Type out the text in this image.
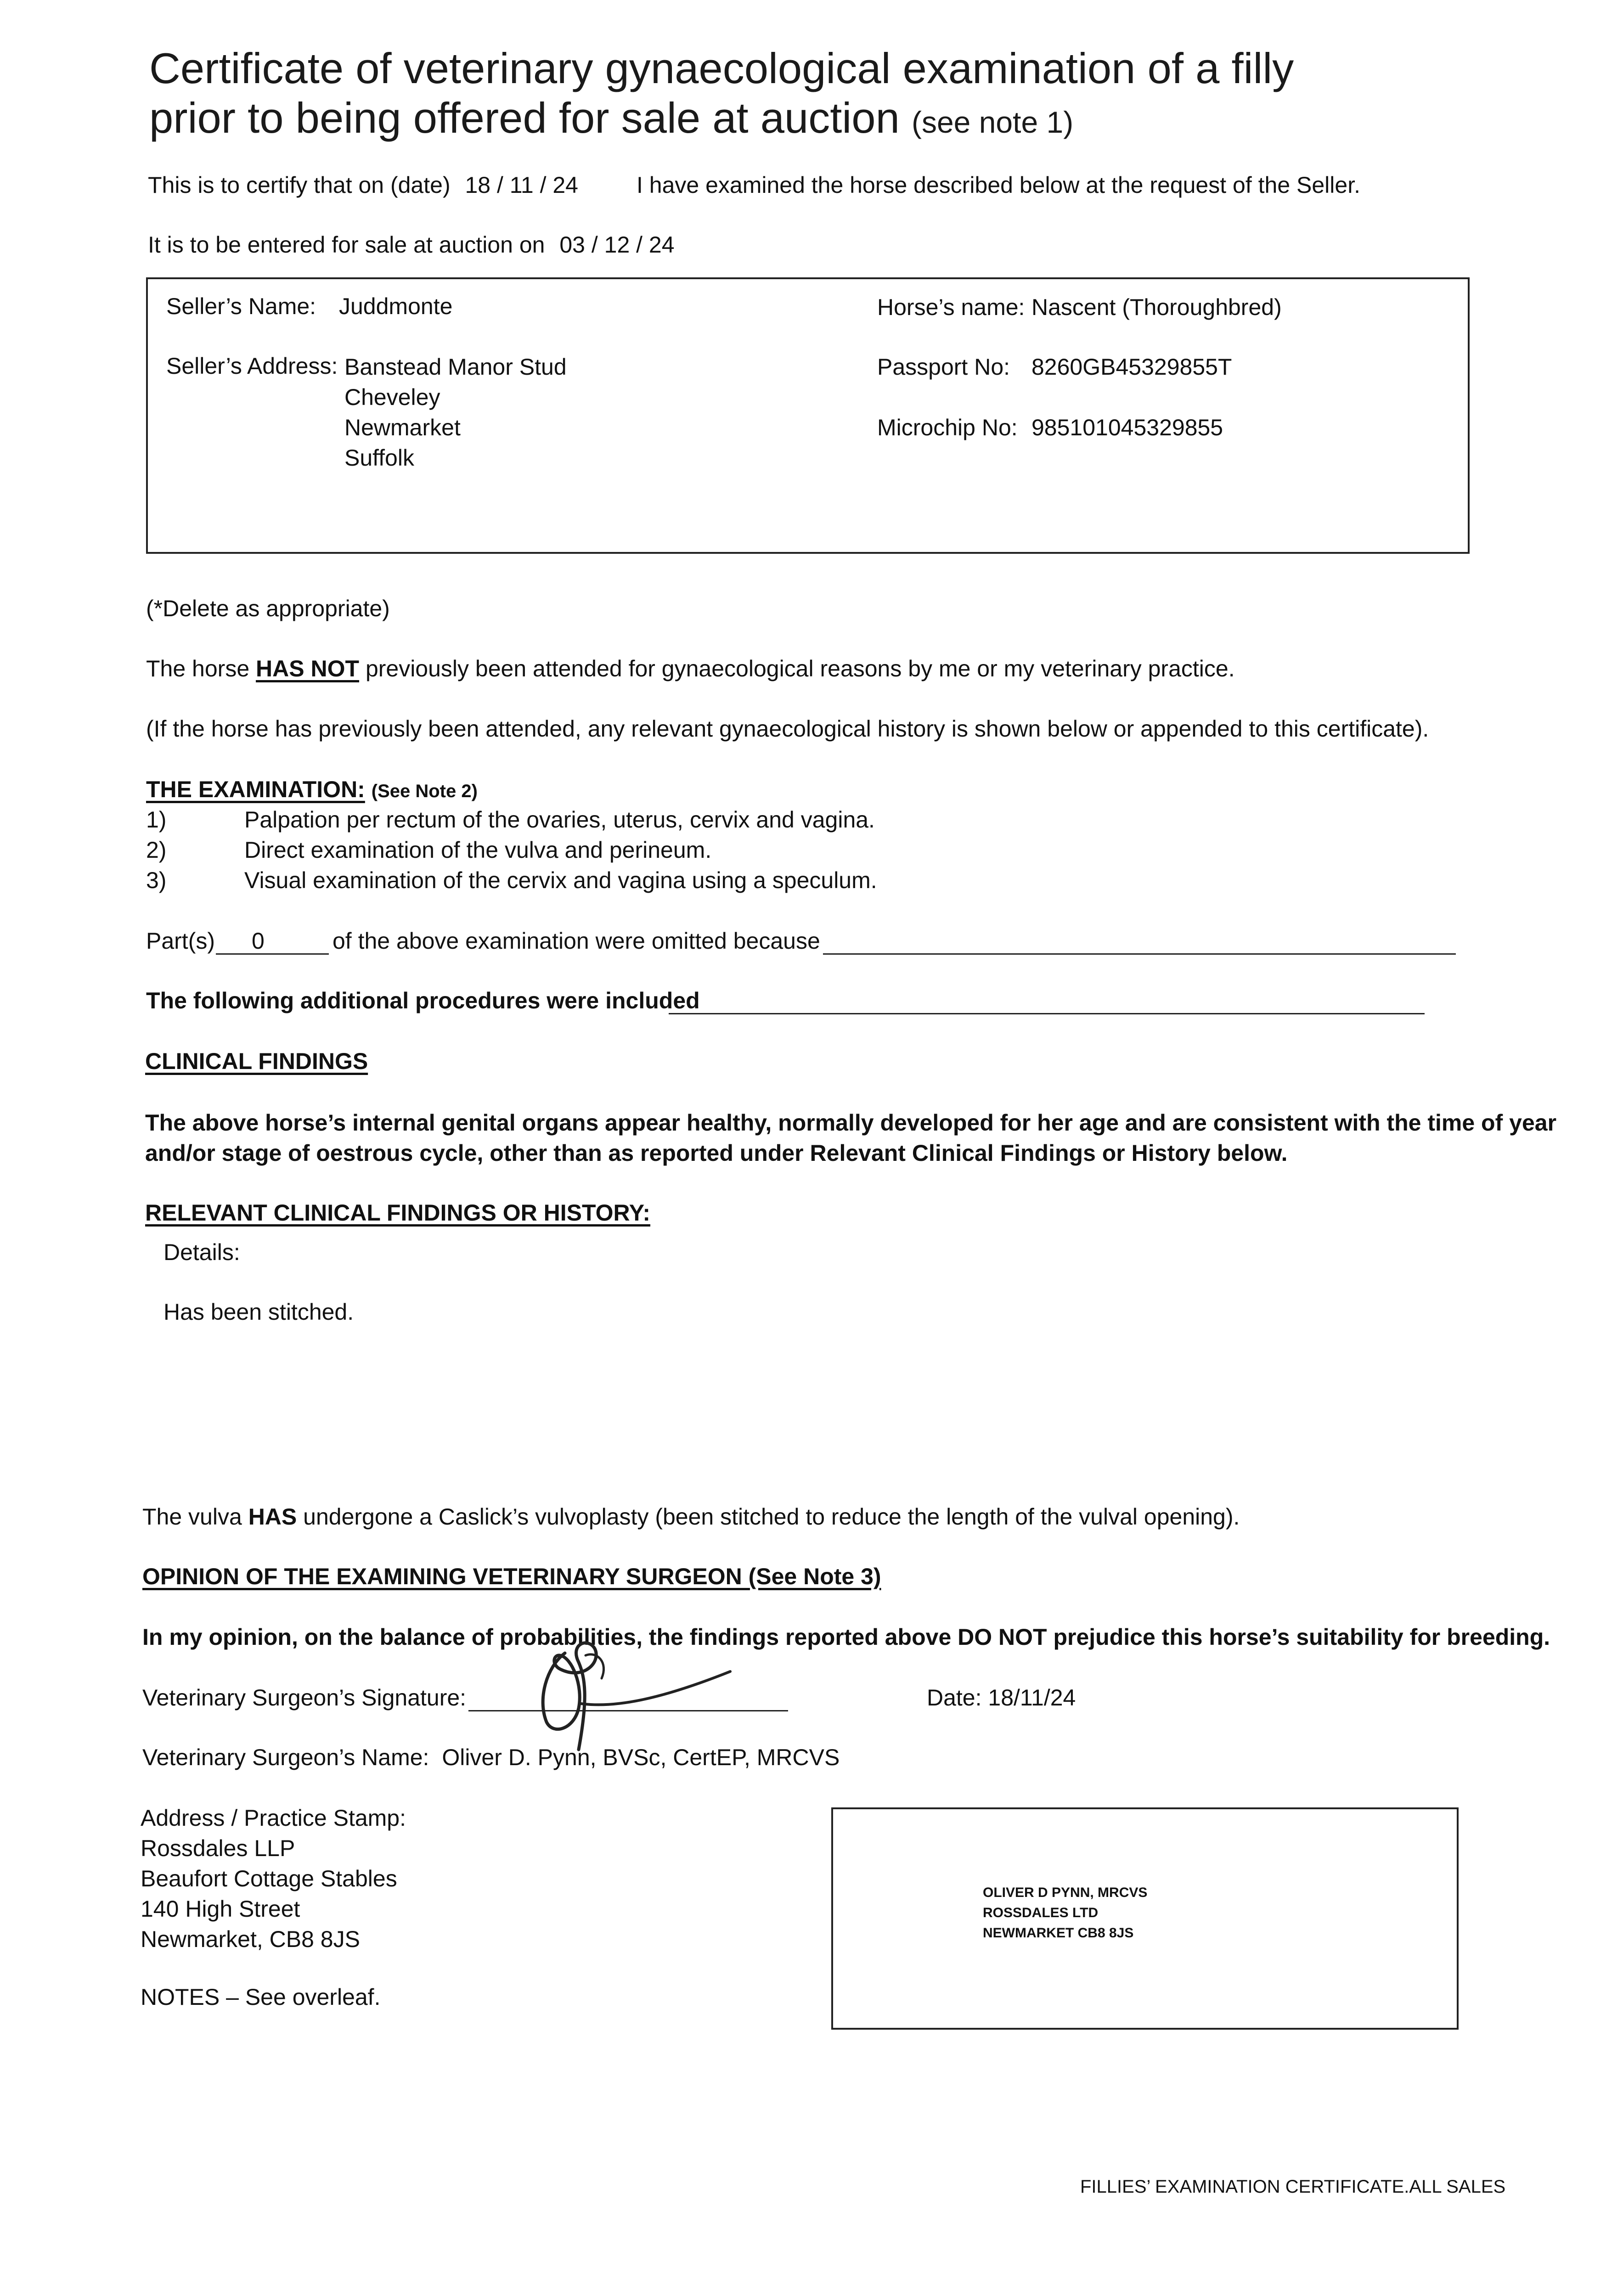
Certificate of veterinary gynaecological examination of a filly
prior to being offered for sale at auction (see note 1)
This is to certify that on (date) 18 / 11 / 24	I have examined the horse described below at the request of the Seller.
It is to be entered for sale at auction on 03 / 12 / 24
Seller’s Name: Juddmonte
Seller’s Address: Banstead Manor Stud
Cheveley
Newmarket
Suffolk
Horse’s name: Nascent (Thoroughbred)
Passport No: 8260GB45329855T
Microchip No: 985101045329855
(*Delete as appropriate)
The horse HAS NOT previously been attended for gynaecological reasons by me or my veterinary practice.
(If the horse has previously been attended, any relevant gynaecological history is shown below or appended to this certificate).
THE EXAMINATION: (See Note 2)
1)	Palpation per rectum of the ovaries, uterus, cervix and vagina.
2)	Direct examination of the vulva and perineum.
3)	Visual examination of the cervix and vagina using a speculum.
Part(s) 0	of the above examination were omitted because
The following additional procedures were included
CLINICAL FINDINGS
The above horse’s internal genital organs appear healthy, normally developed for her age and are consistent with the time of year
and/or stage of oestrous cycle, other than as reported under Relevant Clinical Findings or History below.
RELEVANT CLINICAL FINDINGS OR HISTORY:
Details:
Has been stitched.
The vulva HAS undergone a Caslick’s vulvoplasty (been stitched to reduce the length of the vulval opening).
OPINION OF THE EXAMINING VETERINARY SURGEON (See Note 3)
In my opinion, on the balance of probabilities, the findings reported above DO NOT prejudice this horse’s suitability for breeding.
Veterinary Surgeon’s Signature:	Date: 18/11/24
Veterinary Surgeon’s Name: Oliver D. Pynn, BVSc, CertEP, MRCVS
Address / Practice Stamp:
Rossdales LLP
Beaufort Cottage Stables
140 High Street
Newmarket, CB8 8JS
OLIVER D PYNN, MRCVS
ROSSDALES LTD
NEWMARKET CB8 8JS
NOTES – See overleaf.
FILLIES’ EXAMINATION CERTIFICATE.ALL SALES
